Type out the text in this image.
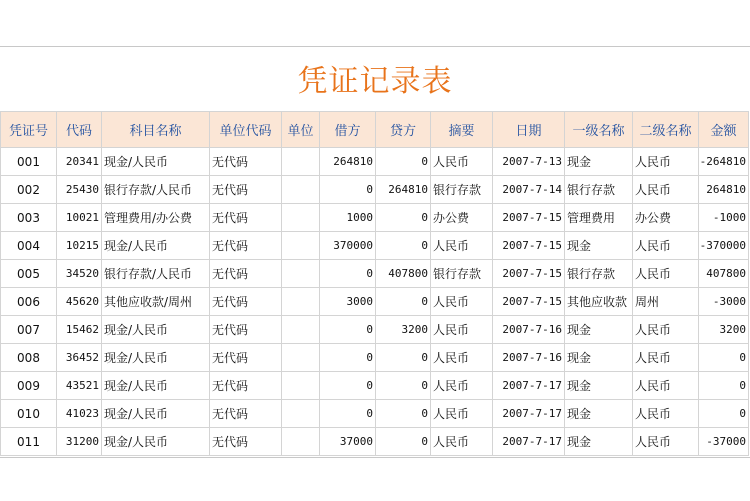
凭证记录表
凭证号	代码	科目名称	单位代码	单位	借方	贷方	摘要	日期	一级名称	二级名称	金额
001	20341	现金/人民币	无代码		264810	0	人民币	2007-7-13	现金	人民币	-264810
002	25430	银行存款/人民币	无代码		0	264810	银行存款	2007-7-14	银行存款	人民币	264810
003	10021	管理费用/办公费	无代码		1000	0	办公费	2007-7-15	管理费用	办公费	-1000
004	10215	现金/人民币	无代码		370000	0	人民币	2007-7-15	现金	人民币	-370000
005	34520	银行存款/人民币	无代码		0	407800	银行存款	2007-7-15	银行存款	人民币	407800
006	45620	其他应收款/周州	无代码		3000	0	人民币	2007-7-15	其他应收款	周州	-3000
007	15462	现金/人民币	无代码		0	3200	人民币	2007-7-16	现金	人民币	3200
008	36452	现金/人民币	无代码		0	0	人民币	2007-7-16	现金	人民币	0
009	43521	现金/人民币	无代码		0	0	人民币	2007-7-17	现金	人民币	0
010	41023	现金/人民币	无代码		0	0	人民币	2007-7-17	现金	人民币	0
011	31200	现金/人民币	无代码		37000	0	人民币	2007-7-17	现金	人民币	-37000
